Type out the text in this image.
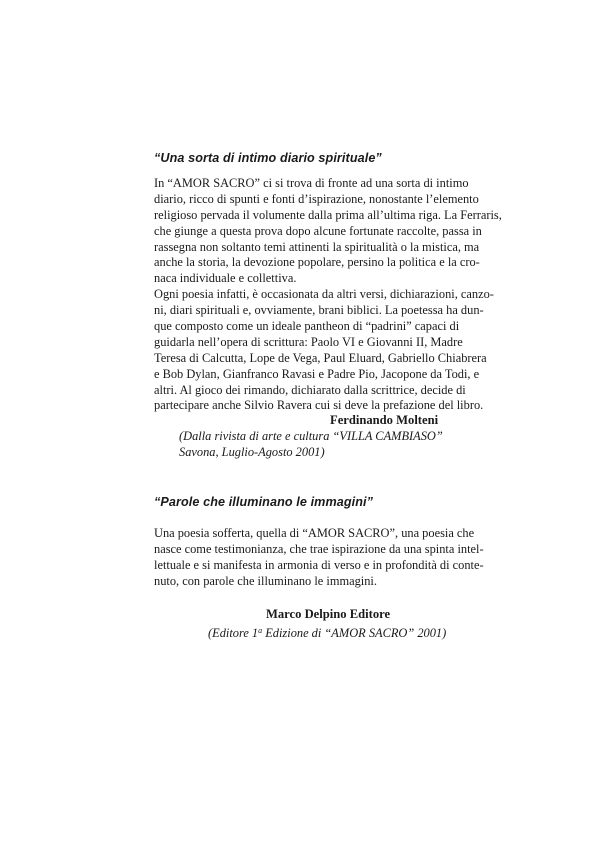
“Una sorta di intimo diario spirituale”
In “AMOR SACRO” ci si trova di fronte ad una sorta di intimo
diario, ricco di spunti e fonti d’ispirazione, nonostante l’elemento
religioso pervada il volumente dalla prima all’ultima riga. La Ferraris,
che giunge a questa prova dopo alcune fortunate raccolte, passa in
rassegna non soltanto temi attinenti la spiritualità o la mistica, ma
anche la storia, la devozione popolare, persino la politica e la cro-
naca individuale e collettiva.
Ogni poesia infatti, è occasionata da altri versi, dichiarazioni, canzo-
ni, diari spirituali e, ovviamente, brani biblici. La poetessa ha dun-
que composto come un ideale pantheon di “padrini” capaci di
guidarla nell’opera di scrittura: Paolo VI e Giovanni II, Madre
Teresa di Calcutta, Lope de Vega, Paul Eluard, Gabriello Chiabrera
e Bob Dylan, Gianfranco Ravasi e Padre Pio, Jacopone da Todi, e
altri. Al gioco dei rimando, dichiarato dalla scrittrice, decide di
partecipare anche Silvio Ravera cui si deve la prefazione del libro.

Ferdinando Molteni

(Dalla rivista di arte e cultura “VILLA CAMBIASO”

Savona, Luglio-Agosto 2001)

“Parole che illuminano le immagini”
Una poesia sofferta, quella di “AMOR SACRO”, una poesia che
nasce come testimonianza, che trae ispirazione da una spinta intel-
lettuale e si manifesta in armonia di verso e in profondità di conte-
nuto, con parole che illuminano le immagini.

Marco Delpino Editore

(Editore 1$^a$ Edizione di “AMOR SACRO” 2001)
